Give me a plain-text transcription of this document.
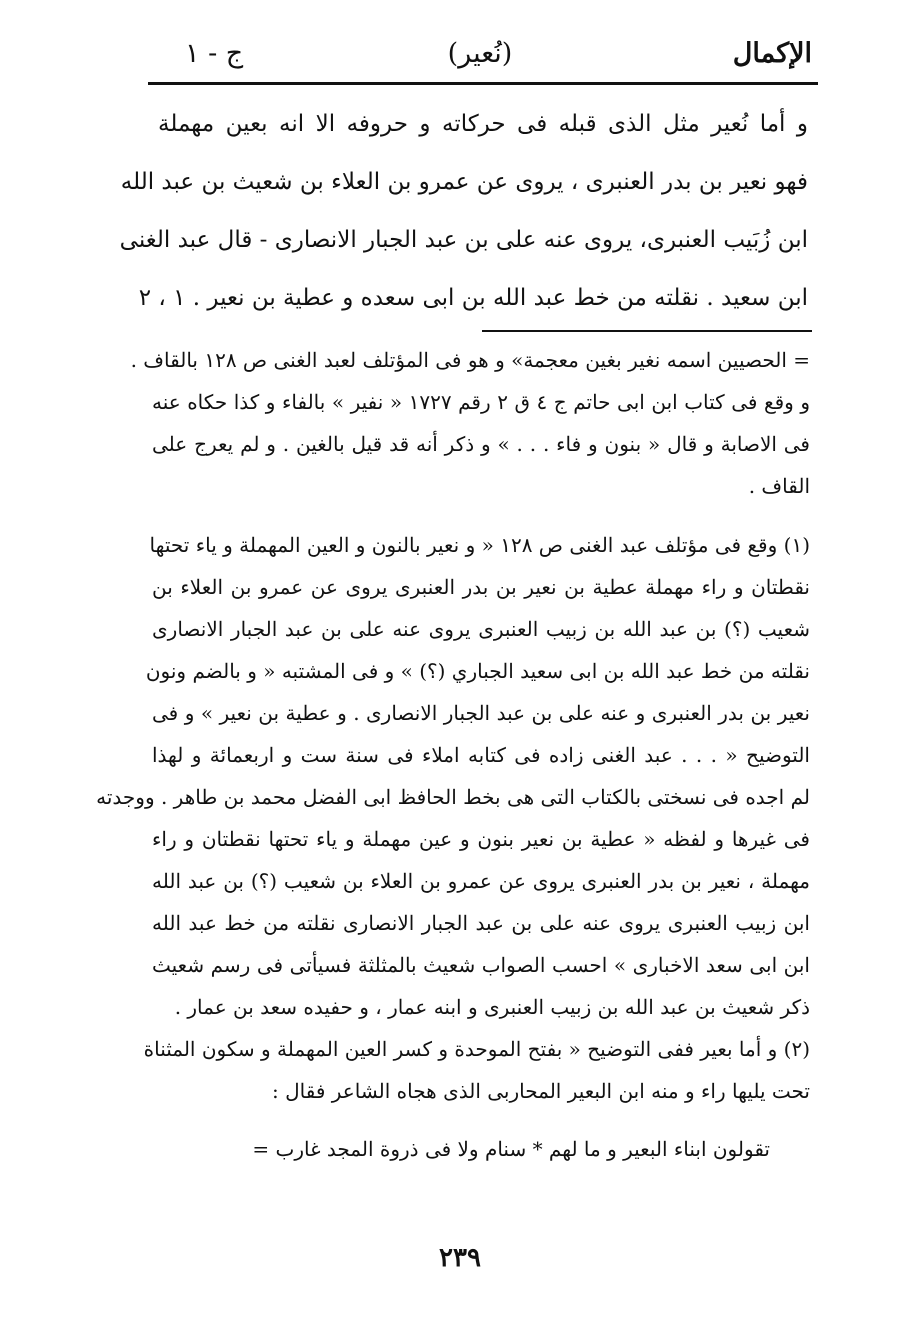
الإكمال
(نُعير)
ج - ١
و أما نُعير مثل الذى قبله فى حركاته و حروفه الا انه بعين مهملة
فهو نعير بن بدر العنبرى ، يروى عن عمرو بن العلاء بن شعيث بن عبد الله
ابن زُبَيب العنبرى، يروى عنه على بن عبد الجبار الانصارى - قال عبد الغنى
ابن سعيد . نقلته من خط عبد الله بن ابى سعده و عطية بن نعير . ١ ، ٢
= الحصيين اسمه نغير بغين معجمة» و هو فى المؤتلف لعبد الغنى ص ١٢٨ بالقاف .
و وقع فى كتاب ابن ابى حاتم ج ٤ ق ٢ رقم ١٧٢٧ « نفير » بالفاء و كذا حكاه عنه
فى الاصابة و قال « بنون و فاء . . . » و ذكر أنه قد قيل بالغين . و لم يعرج على
القاف .
(١) وقع فى مؤتلف عبد الغنى ص ١٢٨ « و نعير بالنون و العين المهملة و ياء تحتها
نقطتان و راء مهملة عطية بن نعير بن بدر العنبرى يروى عن عمرو بن العلاء بن
شعيب (؟) بن عبد الله بن زبيب العنبرى يروى عنه على بن عبد الجبار الانصارى
نقلته من خط عبد الله بن ابى سعيد الجباري (؟) » و فى المشتبه « و بالضم ونون
نعير بن بدر العنبرى و عنه على بن عبد الجبار الانصارى . و عطية بن نعير » و فى
التوضيح « . . . عبد الغنى زاده فى كتابه املاء فى سنة ست و اربعمائة و لهذا
لم اجده فى نسختى بالكتاب التى هى بخط الحافظ ابى الفضل محمد بن طاهر . ووجدته
فى غيرها و لفظه « عطية بن نعير بنون و عين مهملة و ياء تحتها نقطتان و راء
مهملة ، نعير بن بدر العنبرى يروى عن عمرو بن العلاء بن شعيب (؟) بن عبد الله
ابن زبيب العنبرى يروى عنه على بن عبد الجبار الانصارى نقلته من خط عبد الله
ابن ابى سعد الاخبارى » احسب الصواب شعيث بالمثلثة فسيأتى فى رسم شعيث
ذكر شعيث بن عبد الله بن زبيب العنبرى و ابنه عمار ، و حفيده سعد بن عمار .
(٢) و أما بعير ففى التوضيح « بفتح الموحدة و كسر العين المهملة و سكون المثناة
تحت يليها راء و منه ابن البعير المحاربى الذى هجاه الشاعر فقال :
تقولون ابناء البعير و ما لهم * سنام ولا فى ذروة المجد غارب =
٢٣٩
